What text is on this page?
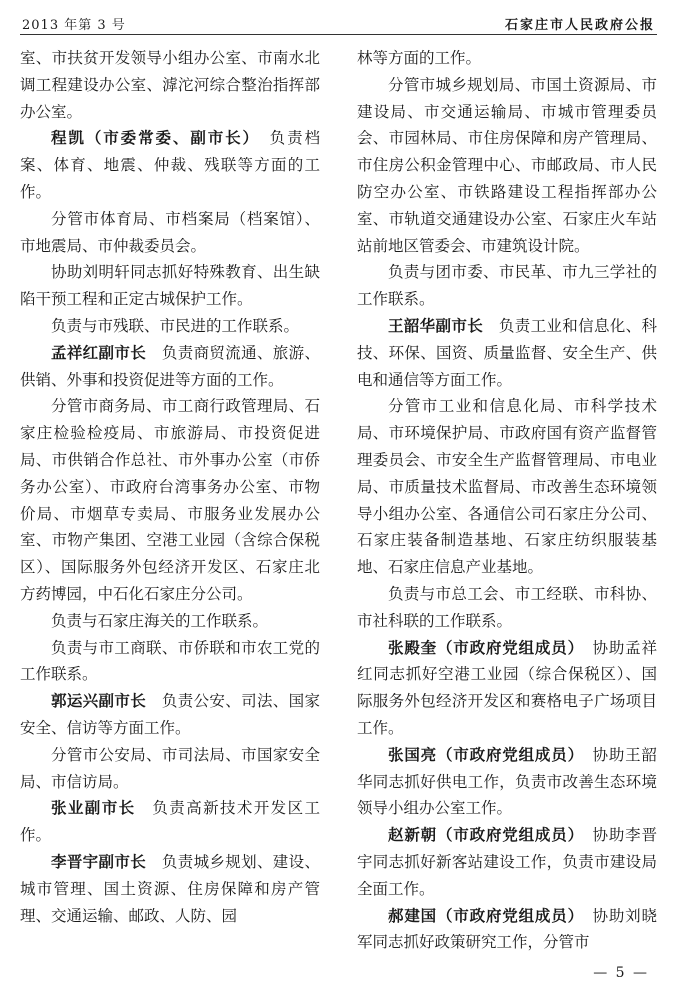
2013 年第 3 号	石家庄市人民政府公报

室、市扶贫开发领导小组办公室、市南水北调工程建设办公室、滹沱河综合整治指挥部办公室。

程凯（市委常委、副市长）　负责档案、体育、地震、仲裁、残联等方面的工作。

分管市体育局、市档案局（档案馆）、市地震局、市仲裁委员会。

协助刘明轩同志抓好特殊教育、出生缺陷干预工程和正定古城保护工作。

负责与市残联、市民进的工作联系。

孟祥红副市长　负责商贸流通、旅游、供销、外事和投资促进等方面的工作。

分管市商务局、市工商行政管理局、石家庄检验检疫局、市旅游局、市投资促进局、市供销合作总社、市外事办公室（市侨务办公室）、市政府台湾事务办公室、市物价局、市烟草专卖局、市服务业发展办公室、市物产集团、空港工业园（含综合保税区）、国际服务外包经济开发区、石家庄北方药博园，中石化石家庄分公司。

负责与石家庄海关的工作联系。

负责与市工商联、市侨联和市农工党的工作联系。

郭运兴副市长　负责公安、司法、国家安全、信访等方面工作。

分管市公安局、市司法局、市国家安全局、市信访局。

张业副市长　负责高新技术开发区工作。

李晋宇副市长　负责城乡规划、建设、城市管理、国土资源、住房保障和房产管理、交通运输、邮政、人防、园

林等方面的工作。

分管市城乡规划局、市国土资源局、市建设局、市交通运输局、市城市管理委员会、市园林局、市住房保障和房产管理局、市住房公积金管理中心、市邮政局、市人民防空办公室、市铁路建设工程指挥部办公室、市轨道交通建设办公室、石家庄火车站站前地区管委会、市建筑设计院。

负责与团市委、市民革、市九三学社的工作联系。

王韶华副市长　负责工业和信息化、科技、环保、国资、质量监督、安全生产、供电和通信等方面工作。

分管市工业和信息化局、市科学技术局、市环境保护局、市政府国有资产监督管理委员会、市安全生产监督管理局、市电业局、市质量技术监督局、市改善生态环境领导小组办公室、各通信公司石家庄分公司、石家庄装备制造基地、石家庄纺织服装基地、石家庄信息产业基地。

负责与市总工会、市工经联、市科协、市社科联的工作联系。

张殿奎（市政府党组成员）　协助孟祥红同志抓好空港工业园（综合保税区）、国际服务外包经济开发区和赛格电子广场项目工作。

张国亮（市政府党组成员）　协助王韶华同志抓好供电工作，负责市改善生态环境领导小组办公室工作。

赵新朝（市政府党组成员）　协助李晋宇同志抓好新客站建设工作，负责市建设局全面工作。

郝建国（市政府党组成员）　协助刘晓军同志抓好政策研究工作，分管市

— 5 —
